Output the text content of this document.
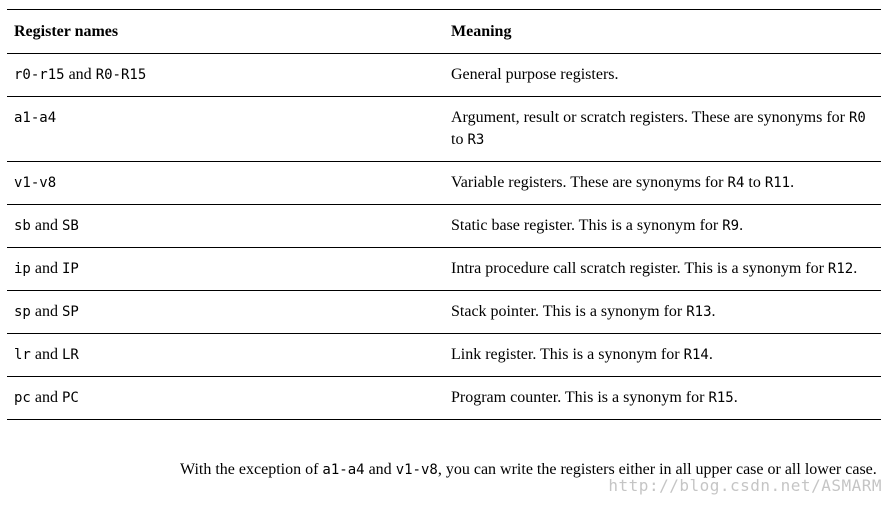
Register names	Meaning
r0-r15 and R0-R15	General purpose registers.
a1-a4	Argument, result or scratch registers. These are synonyms for R0 to R3
v1-v8	Variable registers. These are synonyms for R4 to R11.
sb and SB	Static base register. This is a synonym for R9.
ip and IP	Intra procedure call scratch register. This is a synonym for R12.
sp and SP	Stack pointer. This is a synonym for R13.
lr and LR	Link register. This is a synonym for R14.
pc and PC	Program counter. This is a synonym for R15.
With the exception of a1-a4 and v1-v8, you can write the registers either in all upper case or all lower case.
http://blog.csdn.net/ASMARM
